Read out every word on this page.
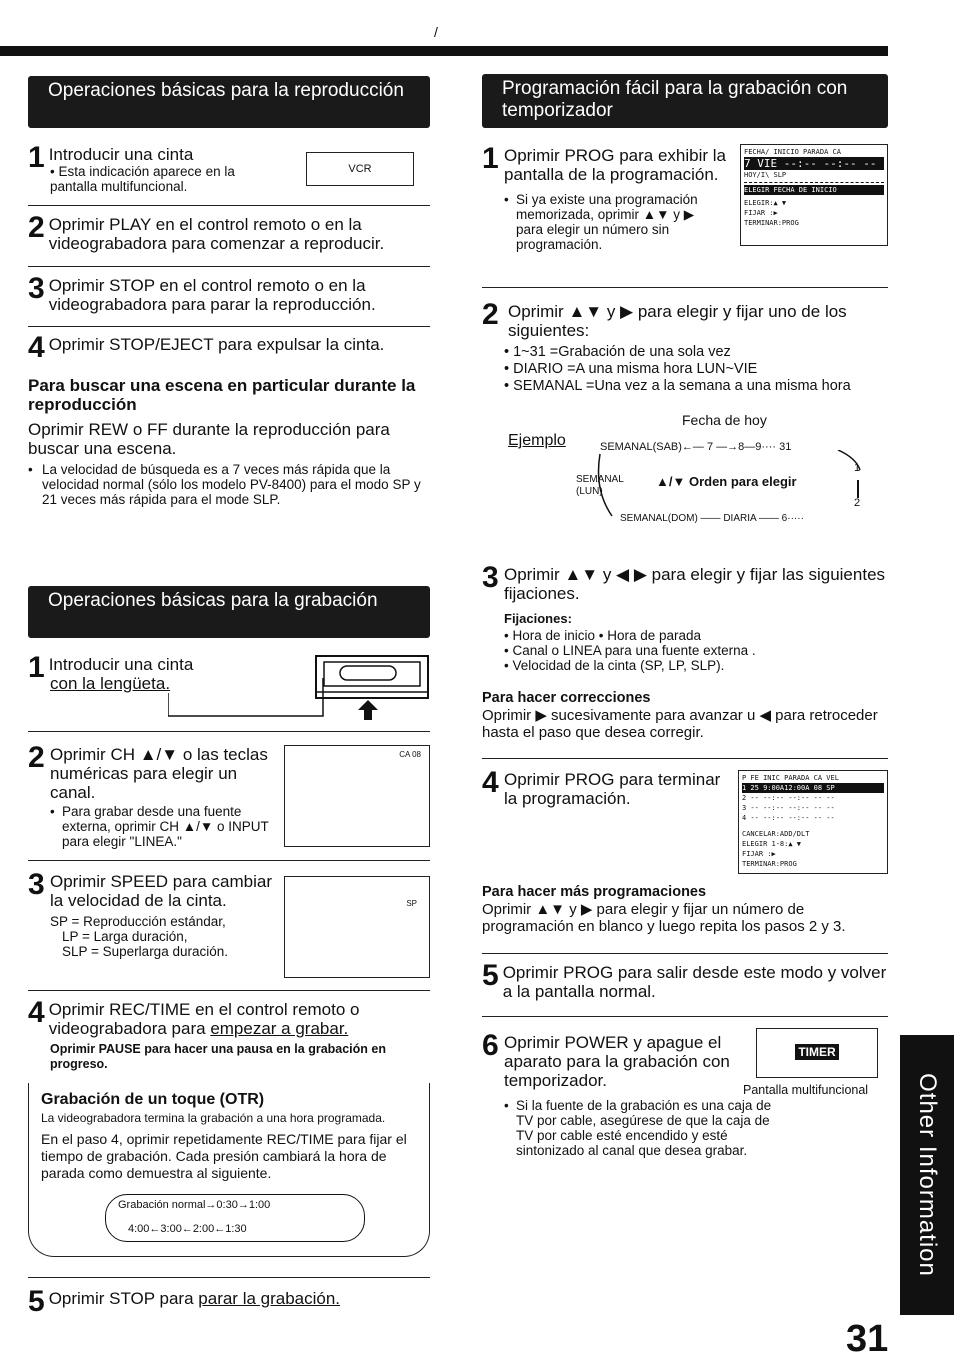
/
Operaciones básicas para la reproducción
1 Introducir una cinta
• Esta indicación aparece en la pantalla multifuncional.
VCR
2 Oprimir PLAY en el control remoto o en la videograbadora para comenzar a reproducir.
3 Oprimir STOP en el control remoto o en la videograbadora para parar la reproducción.
4 Oprimir STOP/EJECT para expulsar la cinta.
Para buscar una escena en particular durante la reproducción
Oprimir REW o FF durante la reproducción para buscar una escena.
• La velocidad de búsqueda es a 7 veces más rápida que la velocidad normal (sólo los modelo PV-8400) para el modo SP y 21 veces más rápida para el mode SLP.
Operaciones básicas para la grabación
1 Introducir una cinta
con la lengüeta.
2 Oprimir CH ▲/▼ o las teclas numéricas para elegir un canal.
• Para grabar desde una fuente externa, oprimir CH ▲/▼ o INPUT para elegir "LINEA."
CA 08
3 Oprimir SPEED para cambiar la velocidad de la cinta.
SP = Reproducción estándar,
LP = Larga duración,
SLP = Superlarga duración.
SP
4 Oprimir REC/TIME en el control remoto o videograbadora para empezar a grabar.
Oprimir PAUSE para hacer una pausa en la grabación en progreso.
Grabación de un toque (OTR)
La videograbadora termina la grabación a una hora programada.
En el paso 4, oprimir repetidamente REC/TIME para fijar el tiempo de grabación. Cada presión cambiará la hora de parada como demuestra al siguiente.
Grabación normal→0:30→1:00
4:00←3:00←2:00←1:30
5 Oprimir STOP para parar la grabación.
Programación fácil para la grabación con temporizador
1 Oprimir PROG para exhibir la pantalla de la programación.
• Si ya existe una programación memorizada, oprimir ▲▼ y ▶ para elegir un número sin programación.
FECHA/ INICIO PARADA CA
7 VIE --:-- --:-- --
HOY/I\ SLP
ELEGIR FECHA DE INICIO
ELEGIR:▲ ▼
FIJAR :▶
TERMINAR:PROG
2 Oprimir ▲▼ y ▶ para elegir y fijar uno de los siguientes:
• 1~31 =Grabación de una sola vez
• DIARIO =A una misma hora LUN~VIE
• SEMANAL =Una vez a la semana a una misma hora
Fecha de hoy
Ejemplo	SEMANAL(SAB)←— 7 —→8—9···· 31
SEMANAL
(LUN)
▲/▼ Orden para elegir
1
2
SEMANAL(DOM) —— DIARIA —— 6·····
3 Oprimir ▲▼ y ◀ ▶ para elegir y fijar las siguientes fijaciones.
Fijaciones:
• Hora de inicio • Hora de parada
• Canal o LINEA para una fuente externa .
• Velocidad de la cinta (SP, LP, SLP).
Para hacer correcciones
Oprimir ▶ sucesivamente para avanzar u ◀ para retroceder hasta el paso que desea corregir.
4 Oprimir PROG para terminar la programación.
P FE INIC PARADA CA VEL
1 25 9:00A12:00A 08 SP
2 -- --:-- --:-- -- --
3 -- --:-- --:-- -- --
4 -- --:-- --:-- -- --
CANCELAR:ADD/DLT
ELEGIR 1-8:▲ ▼
FIJAR :▶
TERMINAR:PROG
Para hacer más programaciones
Oprimir ▲▼ y ▶ para elegir y fijar un número de programación en blanco y luego repita los pasos 2 y 3.
5 Oprimir PROG para salir desde este modo y volver a la pantalla normal.
6 Oprimir POWER y apague el aparato para la grabación con temporizador.
• Si la fuente de la grabación es una caja de TV por cable, asegúrese de que la caja de TV por cable esté encendido y esté sintonizado al canal que desea grabar.
TIMER
Pantalla multifuncional Other Information
31
